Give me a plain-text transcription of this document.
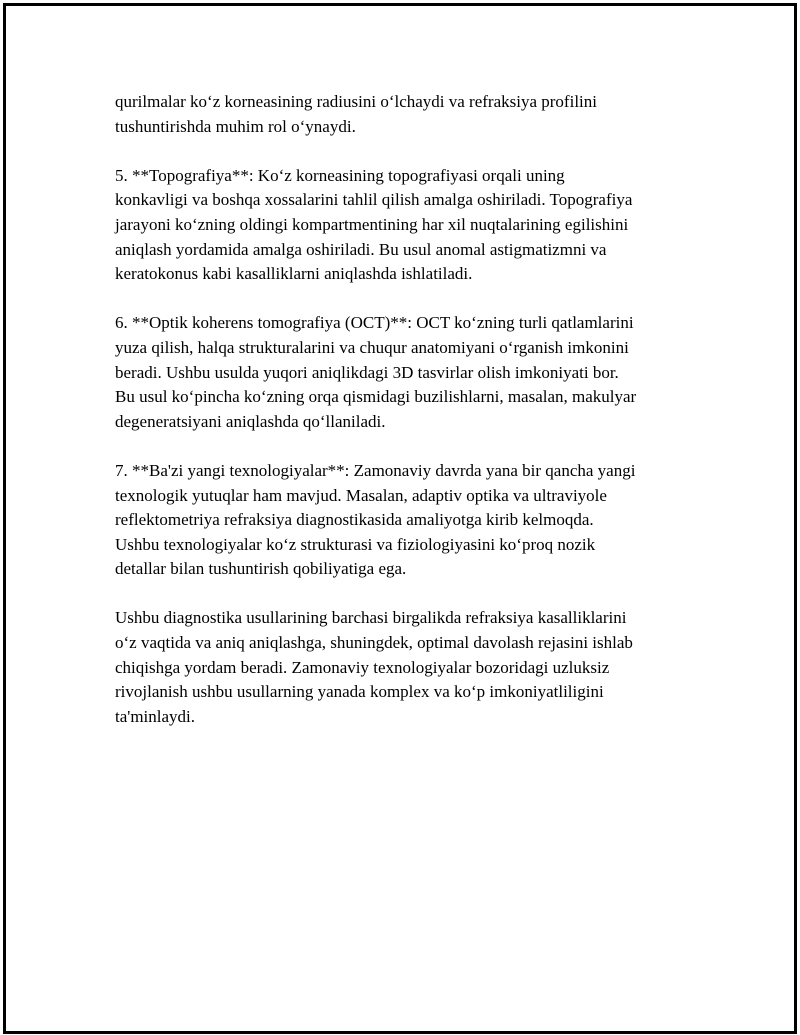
qurilmalar ko‘z korneasining radiusini o‘lchaydi va refraksiya profilini
tushuntirishda muhim rol o‘ynaydi.

5. **Topografiya**: Ko‘z korneasining topografiyasi orqali uning
konkavligi va boshqa xossalarini tahlil qilish amalga oshiriladi. Topografiya
jarayoni ko‘zning oldingi kompartmentining har xil nuqtalarining egilishini
aniqlash yordamida amalga oshiriladi. Bu usul anomal astigmatizmni va
keratokonus kabi kasalliklarni aniqlashda ishlatiladi.

6. **Optik koherens tomografiya (OCT)**: OCT ko‘zning turli qatlamlarini
yuza qilish, halqa strukturalarini va chuqur anatomiyani o‘rganish imkonini
beradi. Ushbu usulda yuqori aniqlikdagi 3D tasvirlar olish imkoniyati bor.
Bu usul ko‘pincha ko‘zning orqa qismidagi buzilishlarni, masalan, makulyar
degeneratsiyani aniqlashda qo‘llaniladi.

7. **Ba'zi yangi texnologiyalar**: Zamonaviy davrda yana bir qancha yangi
texnologik yutuqlar ham mavjud. Masalan, adaptiv optika va ultraviyole
reflektometriya refraksiya diagnostikasida amaliyotga kirib kelmoqda.
Ushbu texnologiyalar ko‘z strukturasi va fiziologiyasini ko‘proq nozik
detallar bilan tushuntirish qobiliyatiga ega.

Ushbu diagnostika usullarining barchasi birgalikda refraksiya kasalliklarini
o‘z vaqtida va aniq aniqlashga, shuningdek, optimal davolash rejasini ishlab
chiqishga yordam beradi. Zamonaviy texnologiyalar bozoridagi uzluksiz
rivojlanish ushbu usullarning yanada komplex va ko‘p imkoniyatliligini
ta'minlaydi.
